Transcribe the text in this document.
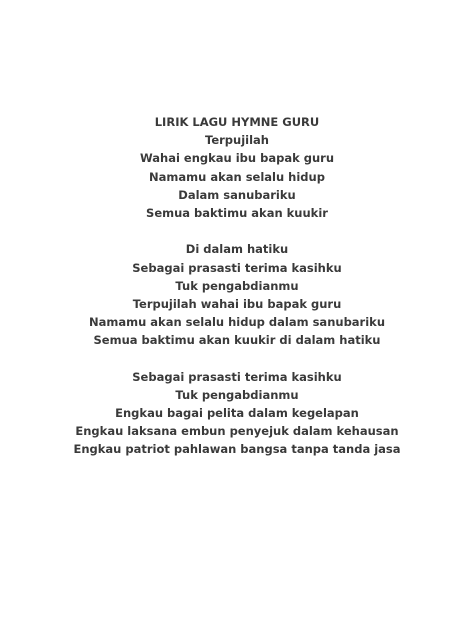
LIRIK LAGU HYMNE GURU
Terpujilah
Wahai engkau ibu bapak guru
Namamu akan selalu hidup
Dalam sanubariku
Semua baktimu akan kuukir
Di dalam hatiku
Sebagai prasasti terima kasihku
Tuk pengabdianmu
Terpujilah wahai ibu bapak guru
Namamu akan selalu hidup dalam sanubariku
Semua baktimu akan kuukir di dalam hatiku
Sebagai prasasti terima kasihku
Tuk pengabdianmu
Engkau bagai pelita dalam kegelapan
Engkau laksana embun penyejuk dalam kehausan
Engkau patriot pahlawan bangsa tanpa tanda jasa
